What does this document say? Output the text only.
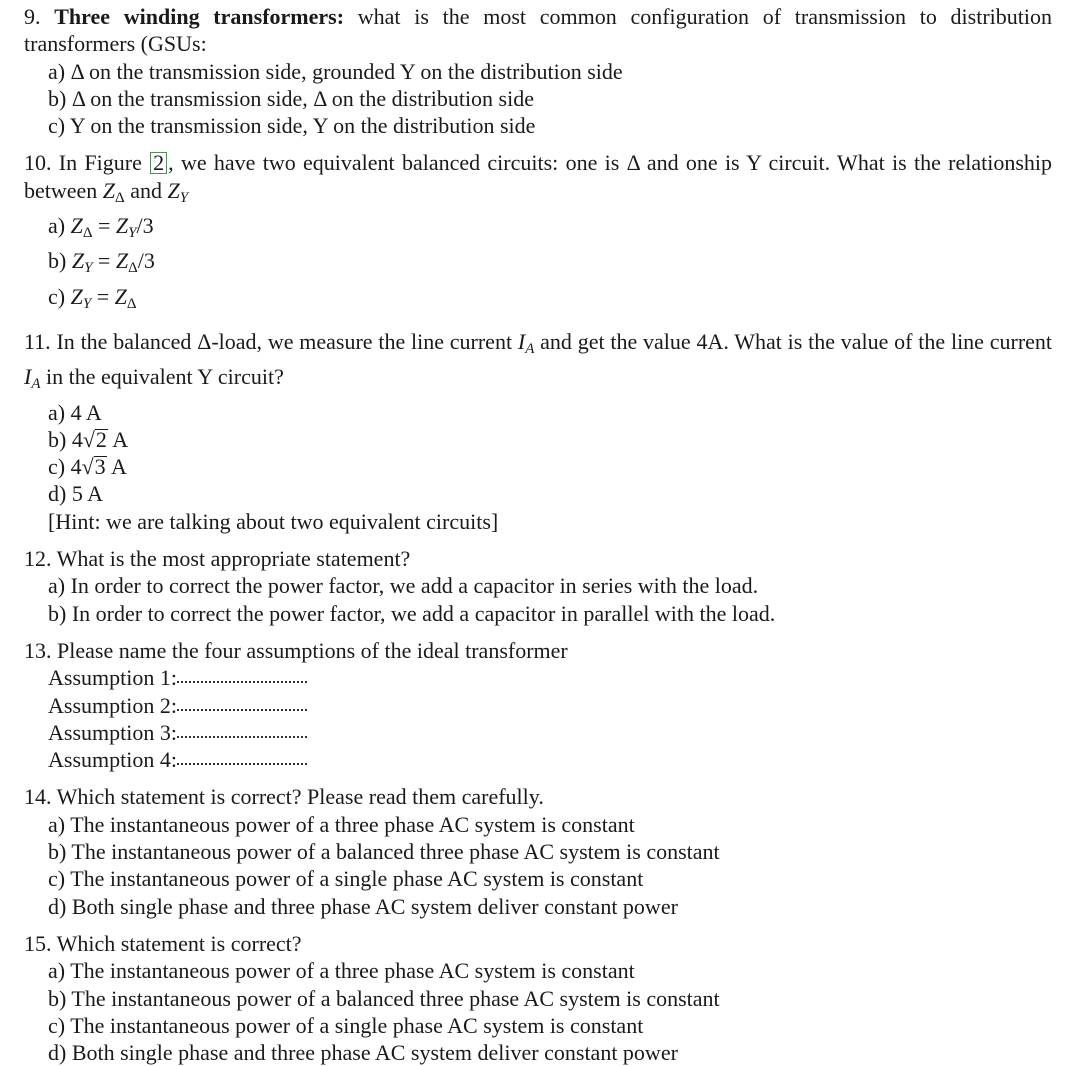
9. Three winding transformers: what is the most common configuration of transmission to distribution transformers (GSUs:
a) Δ on the transmission side, grounded Y on the distribution side
b) Δ on the transmission side, Δ on the distribution side
c) Y on the transmission side, Y on the distribution side
10. In Figure 2 , we have two equivalent balanced circuits: one is Δ and one is Y circuit. What is the relationship between $Z_\Delta$ and ZY
a) $Z_\Delta = ZY/3$
b) ZY = $Z_\Delta/3$
c) ZY = $Z_\Delta$
11. In the balanced Δ-load, we measure the line current IA and get the value 4A. What is the value of the line current IA in the equivalent Y circuit?
a) 4 A
b) 4√2 A
c) 4√3 A
d) 5 A
[Hint: we are talking about two equivalent circuits]
12. What is the most appropriate statement?
a) In order to correct the power factor, we add a capacitor in series with the load.
b) In order to correct the power factor, we add a capacitor in parallel with the load.
13. Please name the four assumptions of the ideal transformer
Assumption 1:
Assumption 2:
Assumption 3:
Assumption 4:
14. Which statement is correct? Please read them carefully.
a) The instantaneous power of a three phase AC system is constant
b) The instantaneous power of a balanced three phase AC system is constant
c) The instantaneous power of a single phase AC system is constant
d) Both single phase and three phase AC system deliver constant power
15. Which statement is correct?
a) The instantaneous power of a three phase AC system is constant
b) The instantaneous power of a balanced three phase AC system is constant
c) The instantaneous power of a single phase AC system is constant
d) Both single phase and three phase AC system deliver constant power
